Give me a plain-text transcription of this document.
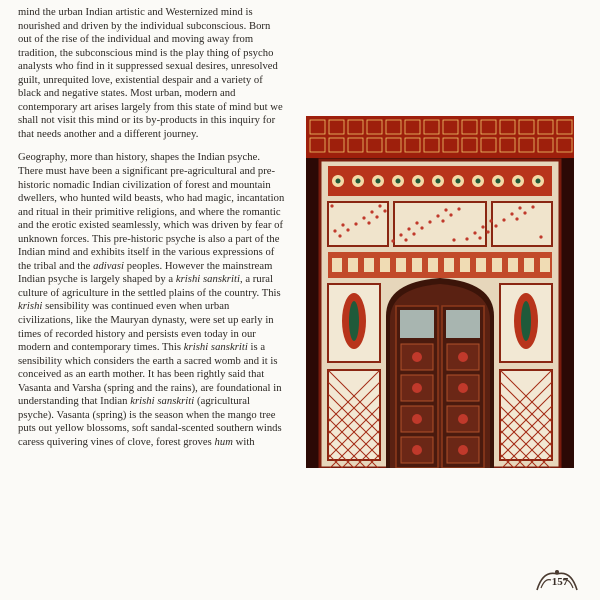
mind the urban Indian artistic and Westernized mind is nourished and driven by the individual subconscious. Born out of the rise of the individual and moving away from tradition, the subconscious mind is the play thing of psycho analysts who find in it suppressed sexual desires, unresolved guilt, unrequited love, existential despair and a variety of black and negative states. Most urban, modern and contemporary art arises largely from this state of mind but we shall not visit this mind or its by-products in this inquiry for that needs another and a different journey.

Geography, more than history, shapes the Indian psyche. There must have been a significant pre-agricultural and pre-historic nomadic Indian civilization of forest and mountain dwellers, who hunted wild beasts, who had magic, incantation and ritual in their primitive religions, and where the romantic and the erotic existed seamlessly, which was driven by fear of unknown forces. This pre-historic psyche is also a part of the Indian mind and exhibits itself in the various expressions of the tribal and the adivasi peoples. However the mainstream Indian psyche is largely shaped by a krishi sanskriti, a rural culture of agriculture in the settled plains of the country. This krishi sensibility was continued even when urban civilizations, like the Mauryan dynasty, were set up early in times of recorded history and persists even today in our modern and contemporary times. This krishi sanskriti is a sensibility which considers the earth a sacred womb and it is conceived as an earth mother. It has been rightly said that Vasanta and Varsha (spring and the rains), are foundational in understanding that Indian krishi sanskriti (agricultural psyche). Vasanta (spring) is the season when the mango tree puts out yellow blossoms, soft sandal-scented southern winds caress quivering vines of clove, forest groves hum with

157
